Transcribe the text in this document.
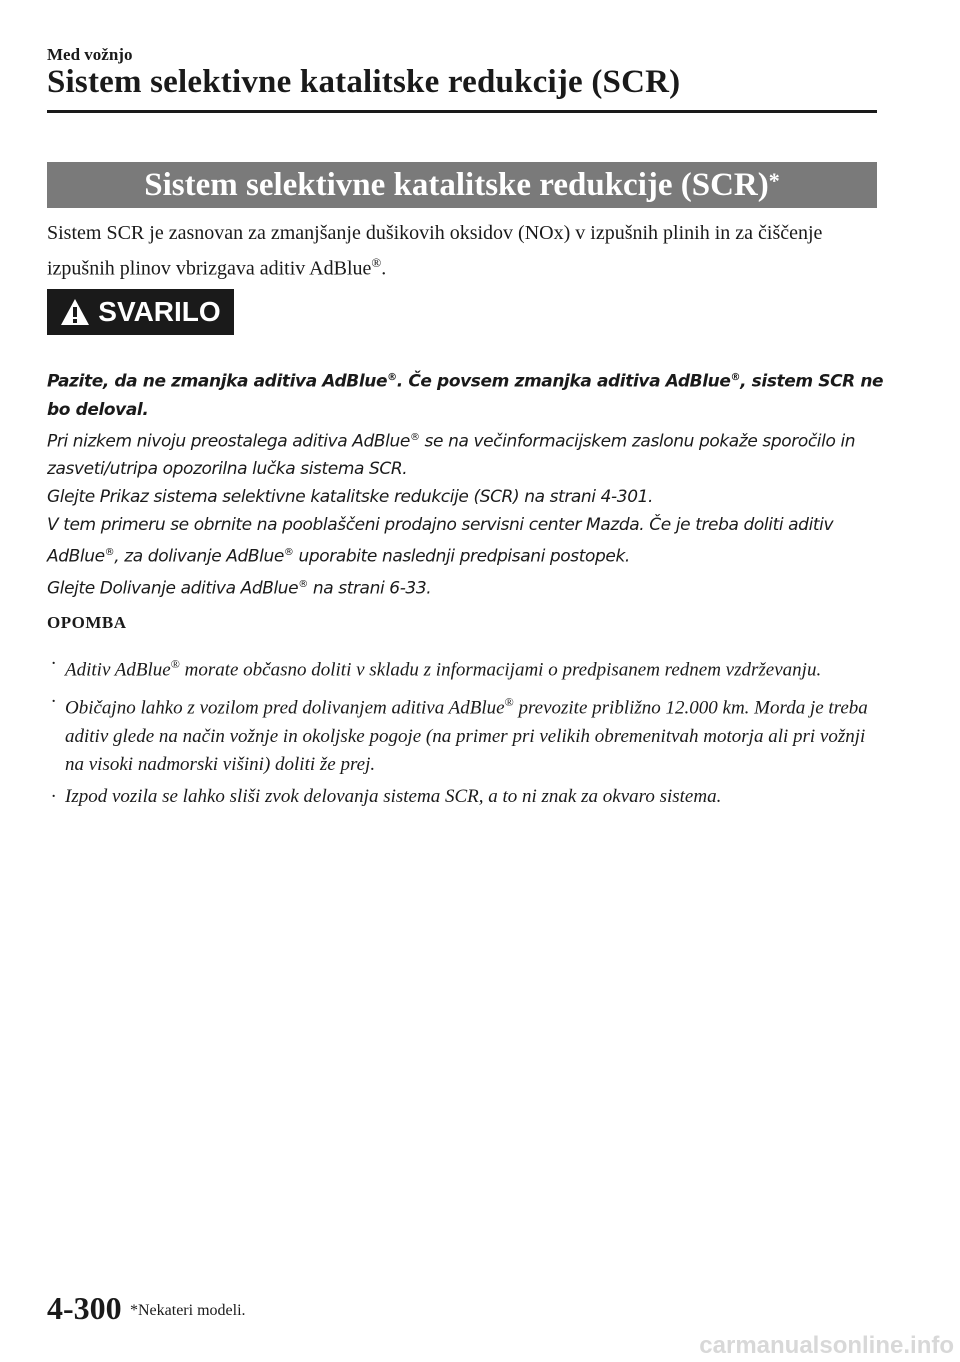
Med vožnjo
Sistem selektivne katalitske redukcije (SCR)
Sistem selektivne katalitske redukcije (SCR)*
Sistem SCR je zasnovan za zmanjšanje dušikovih oksidov (NOx) v izpušnih plinih in za čiščenje izpušnih plinov vbrizgava aditiv AdBlue®.
SVARILO

Pazite, da ne zmanjka aditiva AdBlue®. Če povsem zmanjka aditiva AdBlue®, sistem SCR ne bo deloval.

Pri nizkem nivoju preostalega aditiva AdBlue® se na večinformacijskem zaslonu pokaže sporočilo in zasveti/utripa opozorilna lučka sistema SCR.

Glejte Prikaz sistema selektivne katalitske redukcije (SCR) na strani 4-301.

V tem primeru se obrnite na pooblaščeni prodajno servisni center Mazda. Če je treba doliti aditiv AdBlue®, za dolivanje AdBlue® uporabite naslednji predpisani postopek.

Glejte Dolivanje aditiva AdBlue® na strani 6-33.

OPOMBA
· Aditiv AdBlue® morate občasno doliti v skladu z informacijami o predpisanem rednem vzdrževanju.
· Običajno lahko z vozilom pred dolivanjem aditiva AdBlue® prevozite približno 12.000 km. Morda je treba aditiv glede na način vožnje in okoljske pogoje (na primer pri velikih obremenitvah motorja ali pri vožnji na visoki nadmorski višini) doliti že prej.
· Izpod vozila se lahko sliši zvok delovanja sistema SCR, a to ni znak za okvaro sistema.
4-300 *Nekateri modeli.
carmanualsonline.info
